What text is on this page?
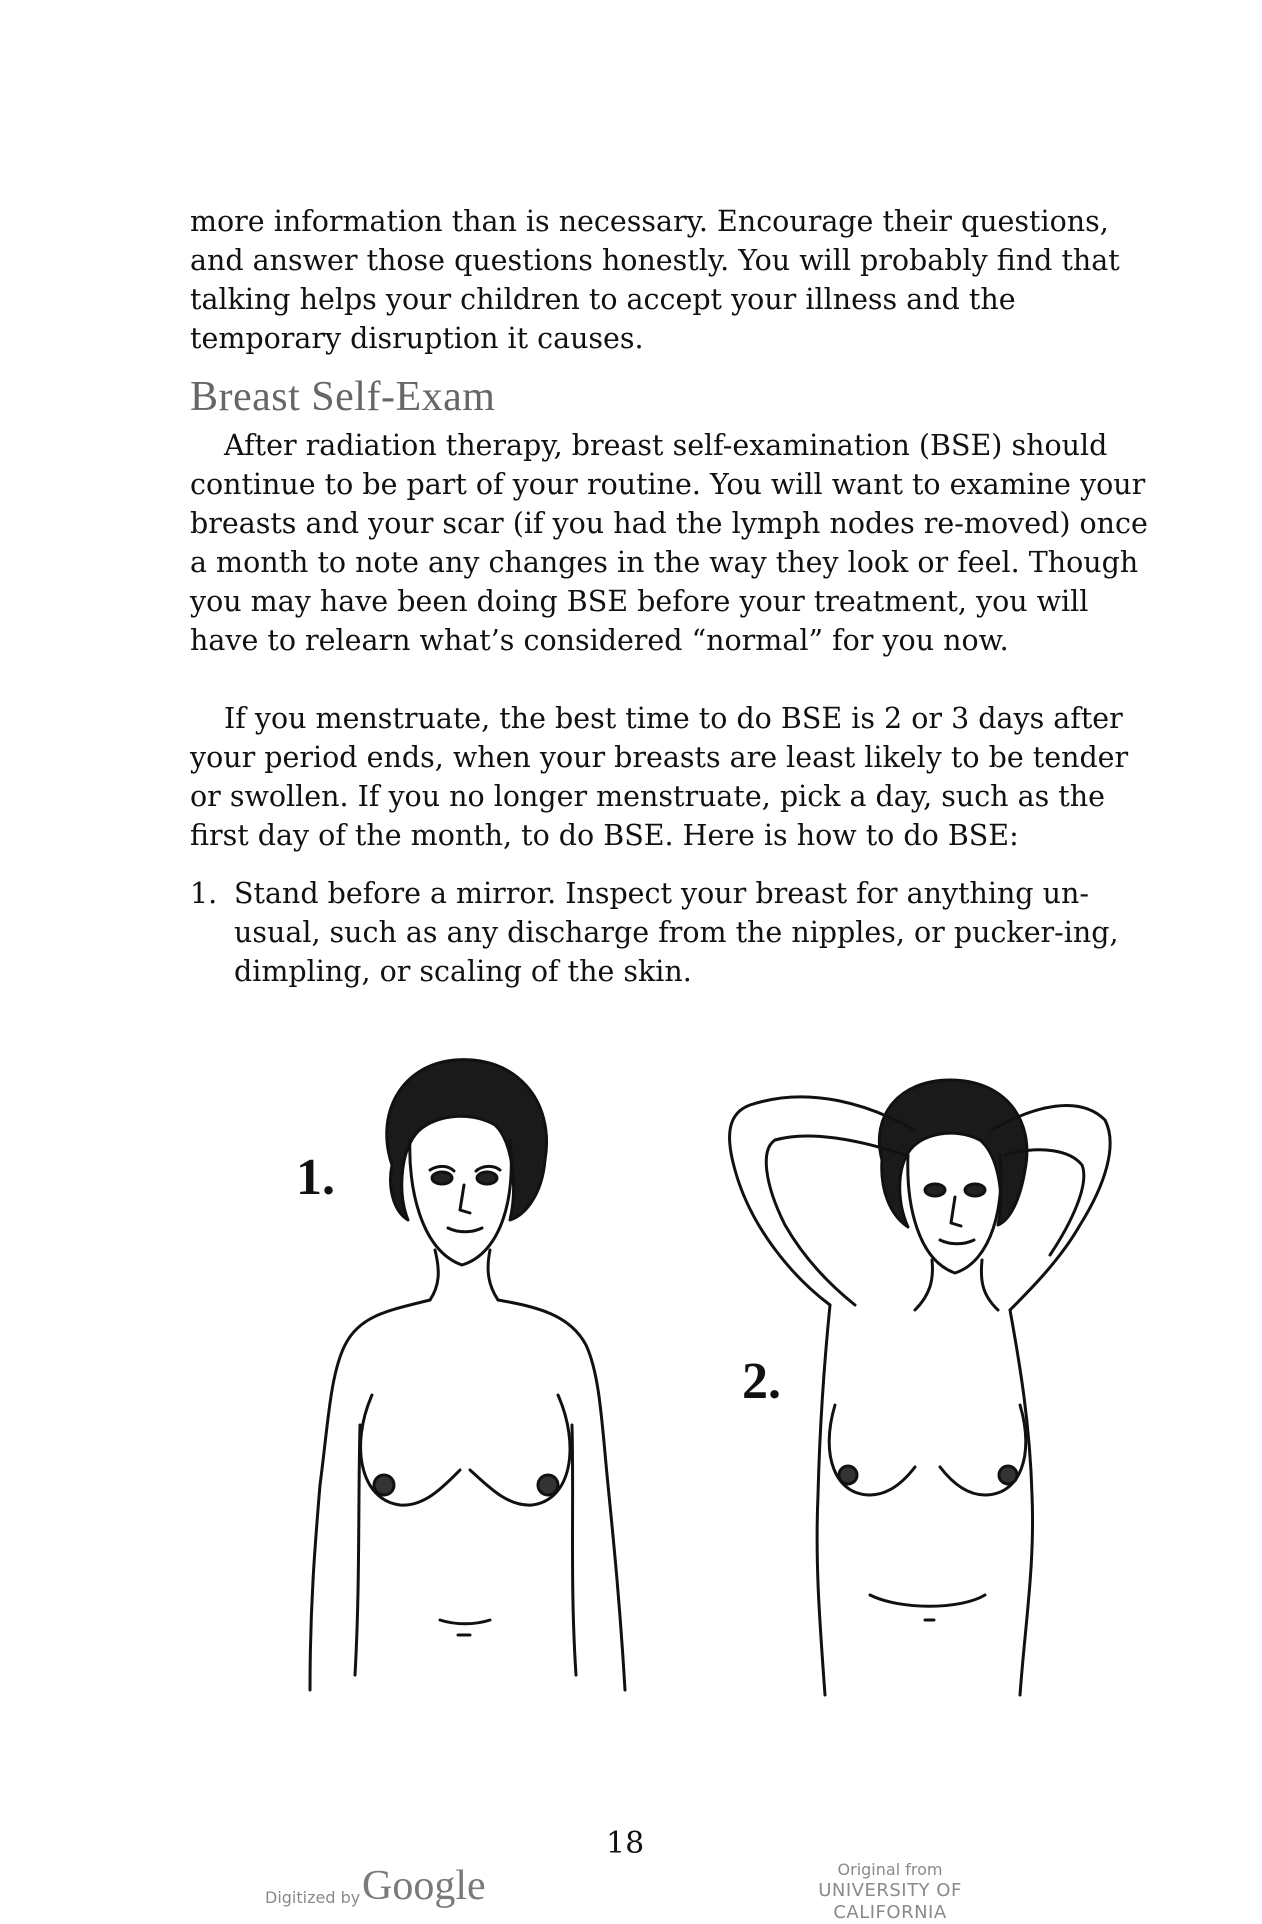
more information than is necessary. Encourage their questions, and answer those questions honestly. You will probably find that talking helps your children to accept your illness and the temporary disruption it causes.
Breast Self-Exam
After radiation therapy, breast self-examination (BSE) should continue to be part of your routine. You will want to examine your breasts and your scar (if you had the lymph nodes re-moved) once a month to note any changes in the way they look or feel. Though you may have been doing BSE before your treatment, you will have to relearn what’s considered “normal” for you now.
If you menstruate, the best time to do BSE is 2 or 3 days after your period ends, when your breasts are least likely to be tender or swollen. If you no longer menstruate, pick a day, such as the first day of the month, to do BSE. Here is how to do BSE:
1. Stand before a mirror. Inspect your breast for anything un-usual, such as any discharge from the nipples, or pucker-ing, dimpling, or scaling of the skin.
1.
2.
18
Digitized by Google	Original from
UNIVERSITY OF CALIFORNIA
